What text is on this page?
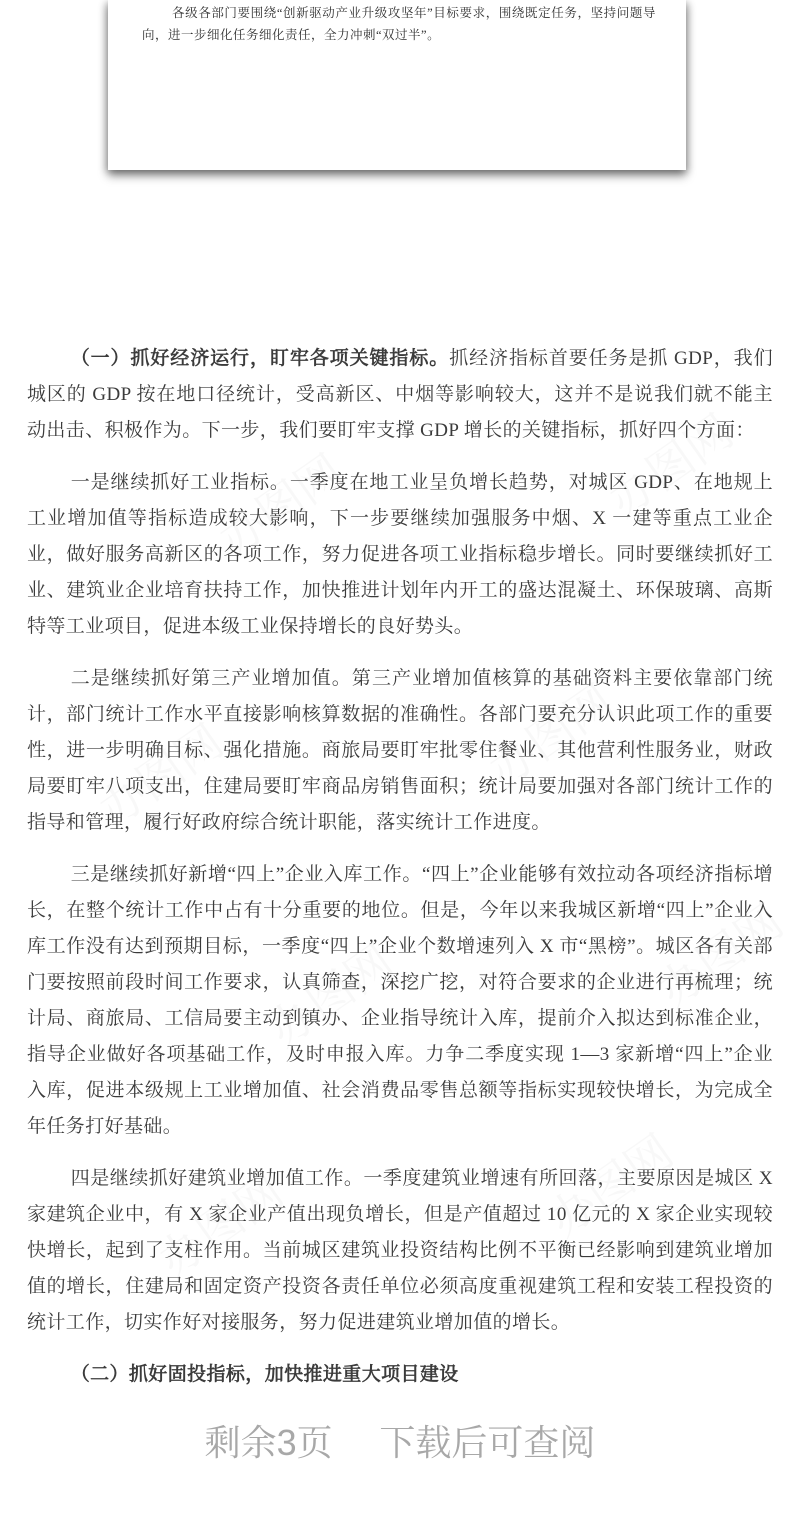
办图网	办图网
办图网	办图网
办图网	办图网
办图网	办图网

各级各部门要围绕“创新驱动产业升级攻坚年”目标要求，围绕既定任务，坚持问题导向，进一步细化任务细化责任，全力冲刺“双过半”。

（一）抓好经济运行，盯牢各项关键指标。抓经济指标首要任务是抓 GDP，我们城区的 GDP 按在地口径统计，受高新区、中烟等影响较大，这并不是说我们就不能主动出击、积极作为。下一步，我们要盯牢支撑 GDP 增长的关键指标，抓好四个方面：

一是继续抓好工业指标。一季度在地工业呈负增长趋势，对城区 GDP、在地规上工业增加值等指标造成较大影响，下一步要继续加强服务中烟、X 一建等重点工业企业，做好服务高新区的各项工作，努力促进各项工业指标稳步增长。同时要继续抓好工业、建筑业企业培育扶持工作，加快推进计划年内开工的盛达混凝土、环保玻璃、高斯特等工业项目，促进本级工业保持增长的良好势头。

二是继续抓好第三产业增加值。第三产业增加值核算的基础资料主要依靠部门统计，部门统计工作水平直接影响核算数据的准确性。各部门要充分认识此项工作的重要性，进一步明确目标、强化措施。商旅局要盯牢批零住餐业、其他营利性服务业，财政局要盯牢八项支出，住建局要盯牢商品房销售面积；统计局要加强对各部门统计工作的指导和管理，履行好政府综合统计职能，落实统计工作进度。

三是继续抓好新增“四上”企业入库工作。“四上”企业能够有效拉动各项经济指标增长，在整个统计工作中占有十分重要的地位。但是，今年以来我城区新增“四上”企业入库工作没有达到预期目标，一季度“四上”企业个数增速列入 X 市“黑榜”。城区各有关部门要按照前段时间工作要求，认真筛查，深挖广挖，对符合要求的企业进行再梳理；统计局、商旅局、工信局要主动到镇办、企业指导统计入库，提前介入拟达到标准企业，指导企业做好各项基础工作，及时申报入库。力争二季度实现 1—3 家新增“四上”企业入库，促进本级规上工业增加值、社会消费品零售总额等指标实现较快增长，为完成全年任务打好基础。

四是继续抓好建筑业增加值工作。一季度建筑业增速有所回落，主要原因是城区 X 家建筑企业中，有 X 家企业产值出现负增长，但是产值超过 10 亿元的 X 家企业实现较快增长，起到了支柱作用。当前城区建筑业投资结构比例不平衡已经影响到建筑业增加值的增长，住建局和固定资产投资各责任单位必须高度重视建筑工程和安装工程投资的统计工作，切实作好对接服务，努力促进建筑业增加值的增长。

（二）抓好固投指标，加快推进重大项目建设

剩余3页 下载后可查阅
